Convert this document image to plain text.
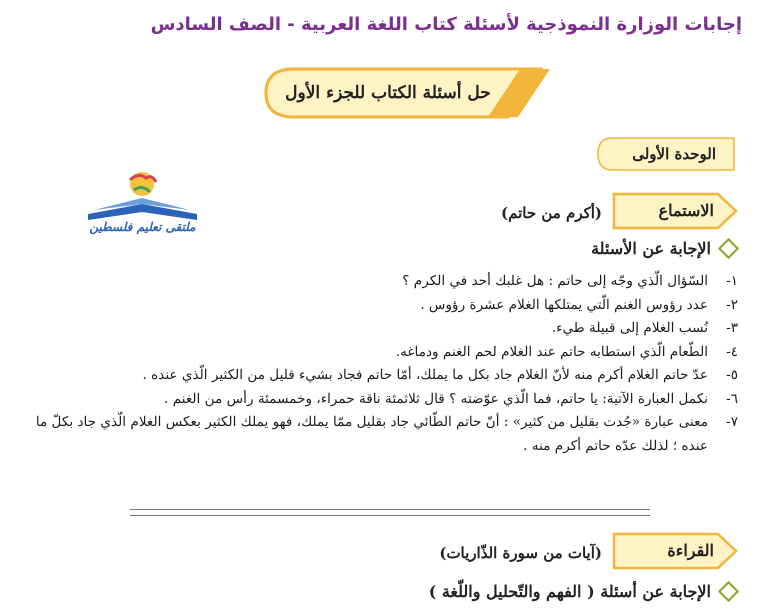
إجابات الوزارة النموذجية لأسئلة كتاب اللغة العربية - الصف السادس
حل أسئلة الكتاب للجزء الأول
الوحدة الأولى
ملتقى تعليم فلسطين
الاستماع
(أكرم من حاتم)
الإجابة عن الأسئلة
١-
السّؤال الّذي وجّه إلى حاتم : هل غلبك أحد في الكرم ؟
٢-
عدد رؤوس الغنم الّتي يمتلكها الغلام عشرة رؤوس .
٣-
نُسب الغلام إلى قبيلة طيء.
٤-
الطّعام الّذي استطابه حاتم عند الغلام لحم الغنم ودماغه.
٥-
عدّ حاتم الغلام أكرم منه لأنّ الغلام جاد بكل ما يملك، أمّا حاتم فجاد بشيء قليل من الكثير الّذي عنده .
٦-
نكمل العبارة الآتية: يا حاتم، فما الّذي عوّضته ؟ قال ثلاثمئة ناقة حمراء، وخمسمئة رأس من الغنم .
٧-
معنى عبارة «جُدت بقليل من كثير» : أنّ حاتم الطّائي جاد بقليل ممّا يملك، فهو يملك الكثير بعكس الغلام الّذي جاد بكلّ ما عنده ؛ لذلك عدّه حاتم أكرم منه .
القراءة
(آيات من سورة الذّاريات)
الإجابة عن أسئلة ( الفهم والتّحليل واللّغة )
